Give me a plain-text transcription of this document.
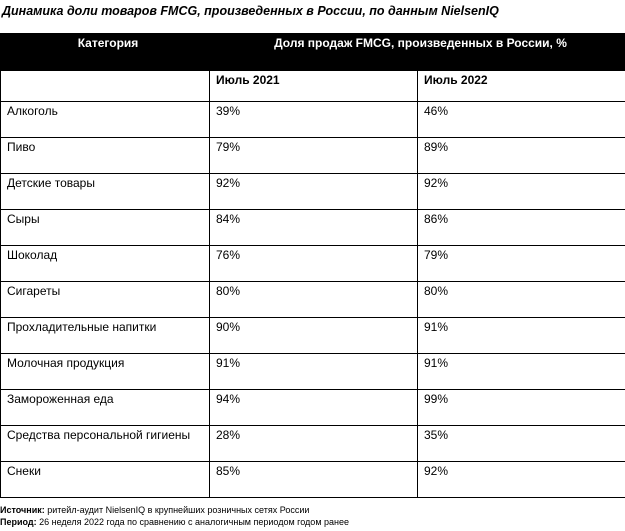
Динамика доли товаров FMCG, произведенных в России, по данным NielsenIQ
Категория	Доля продаж FMCG, произведенных в России, %	
	Июль 2021	Июль 2022
Алкоголь	39%	46%
Пиво	79%	89%
Детские товары	92%	92%
Сыры	84%	86%
Шоколад	76%	79%
Сигареты	80%	80%
Прохладительные напитки	90%	91%
Молочная продукция	91%	91%
Замороженная еда	94%	99%
Средства персональной гигиены	28%	35%
Снеки	85%	92%
Источник: ритейл-аудит NielsenIQ в крупнейших розничных сетях России
Период: 26 неделя 2022 года по сравнению с аналогичным периодом годом ранее
